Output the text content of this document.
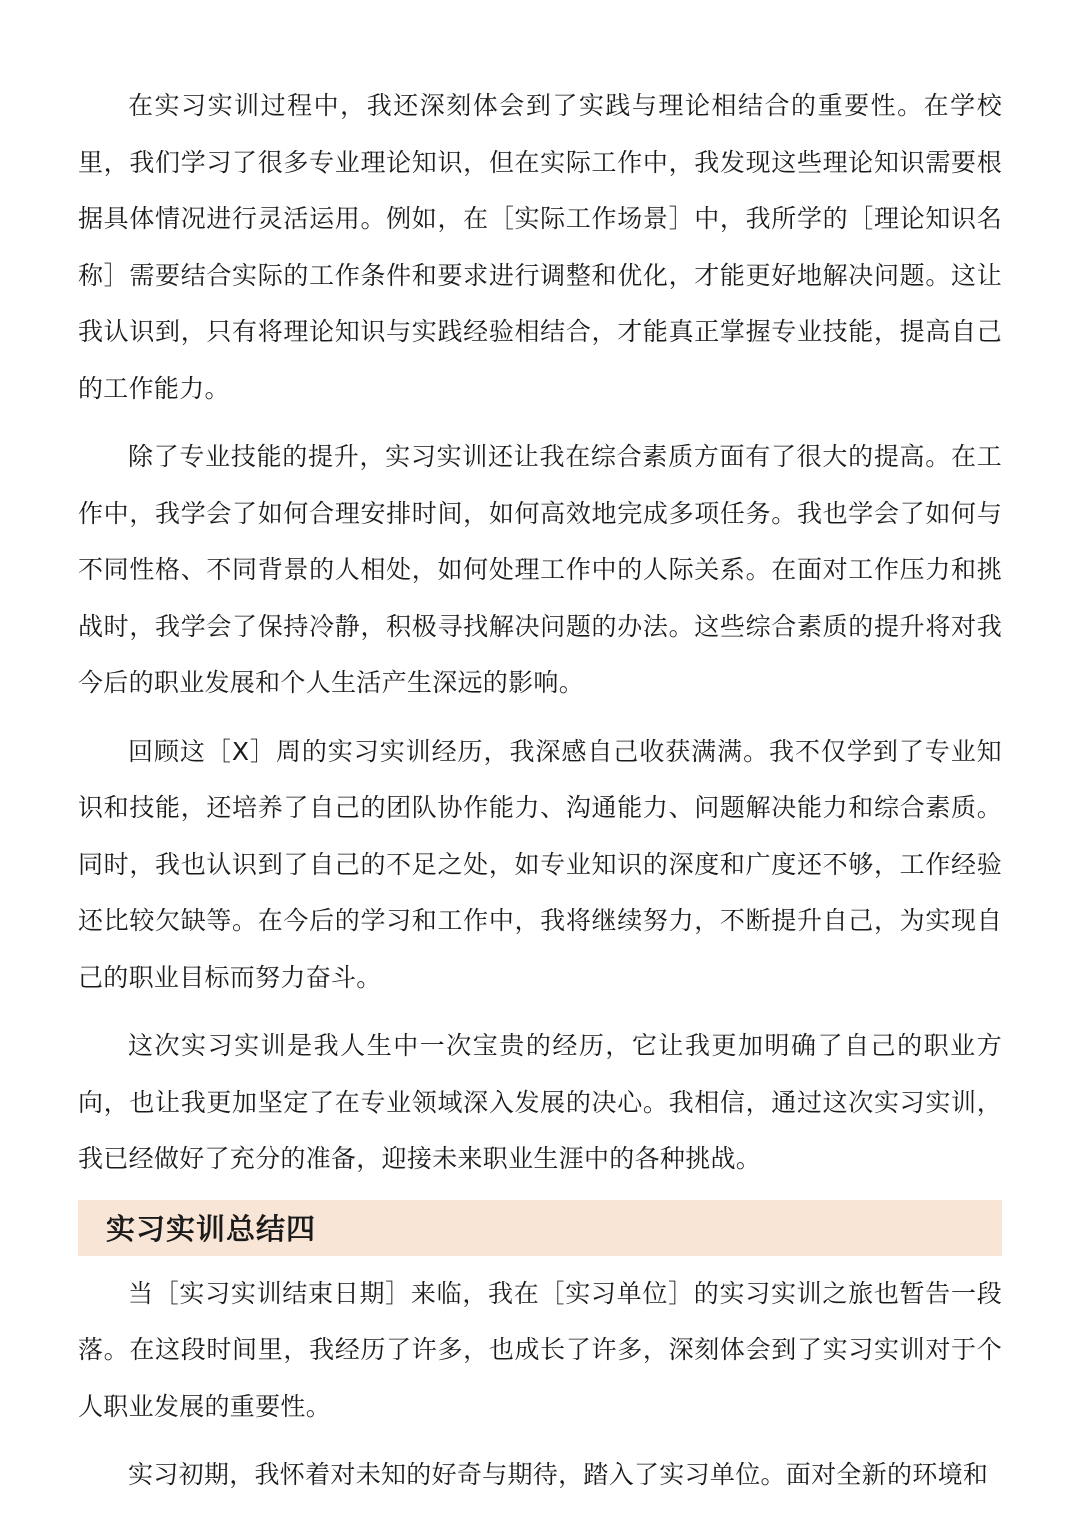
在实习实训过程中，我还深刻体会到了实践与理论相结合的重要性。在学校里，我们学习了很多专业理论知识，但在实际工作中，我发现这些理论知识需要根据具体情况进行灵活运用。例如，在［实际工作场景］中，我所学的［理论知识名称］需要结合实际的工作条件和要求进行调整和优化，才能更好地解决问题。这让我认识到，只有将理论知识与实践经验相结合，才能真正掌握专业技能，提高自己的工作能力。

除了专业技能的提升，实习实训还让我在综合素质方面有了很大的提高。在工作中，我学会了如何合理安排时间，如何高效地完成多项任务。我也学会了如何与不同性格、不同背景的人相处，如何处理工作中的人际关系。在面对工作压力和挑战时，我学会了保持冷静，积极寻找解决问题的办法。这些综合素质的提升将对我今后的职业发展和个人生活产生深远的影响。

回顾这［X］周的实习实训经历，我深感自己收获满满。我不仅学到了专业知识和技能，还培养了自己的团队协作能力、沟通能力、问题解决能力和综合素质。同时，我也认识到了自己的不足之处，如专业知识的深度和广度还不够，工作经验还比较欠缺等。在今后的学习和工作中，我将继续努力，不断提升自己，为实现自己的职业目标而努力奋斗。

这次实习实训是我人生中一次宝贵的经历，它让我更加明确了自己的职业方向，也让我更加坚定了在专业领域深入发展的决心。我相信，通过这次实习实训，我已经做好了充分的准备，迎接未来职业生涯中的各种挑战。

实习实训总结四

当［实习实训结束日期］来临，我在［实习单位］的实习实训之旅也暂告一段落。在这段时间里，我经历了许多，也成长了许多，深刻体会到了实习实训对于个人职业发展的重要性。

实习初期，我怀着对未知的好奇与期待，踏入了实习单位。面对全新的环境和
